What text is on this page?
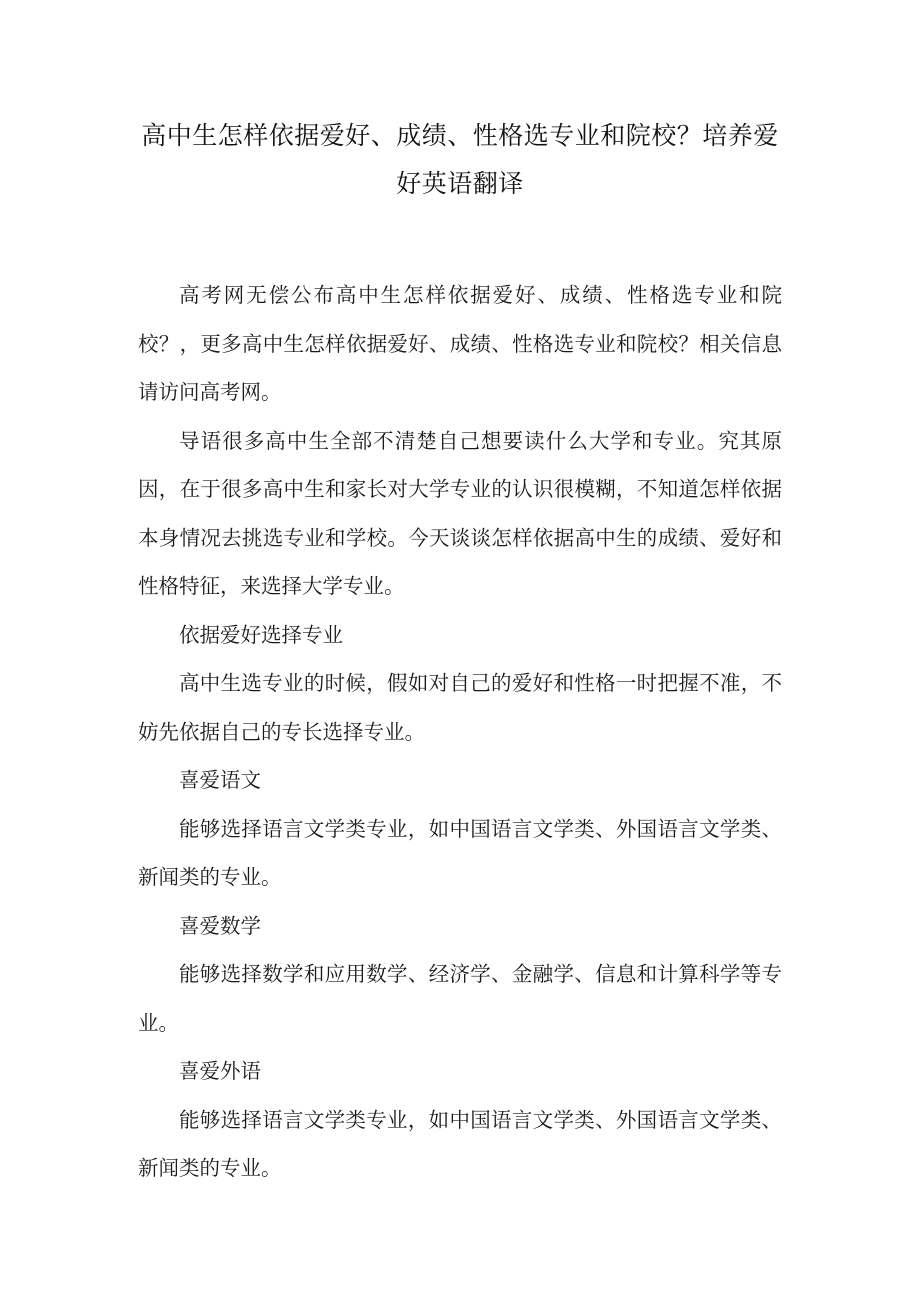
高中生怎样依据爱好、成绩、性格选专业和院校？培养爱好英语翻译

高考网无偿公布高中生怎样依据爱好、成绩、性格选专业和院校？，更多高中生怎样依据爱好、成绩、性格选专业和院校？相关信息请访问高考网。

导语很多高中生全部不清楚自己想要读什么大学和专业。究其原因，在于很多高中生和家长对大学专业的认识很模糊，不知道怎样依据本身情况去挑选专业和学校。今天谈谈怎样依据高中生的成绩、爱好和性格特征，来选择大学专业。

依据爱好选择专业

高中生选专业的时候，假如对自己的爱好和性格一时把握不准，不妨先依据自己的专长选择专业。

喜爱语文

能够选择语言文学类专业，如中国语言文学类、外国语言文学类、新闻类的专业。

喜爱数学

能够选择数学和应用数学、经济学、金融学、信息和计算科学等专业。

喜爱外语

能够选择语言文学类专业，如中国语言文学类、外国语言文学类、新闻类的专业。
